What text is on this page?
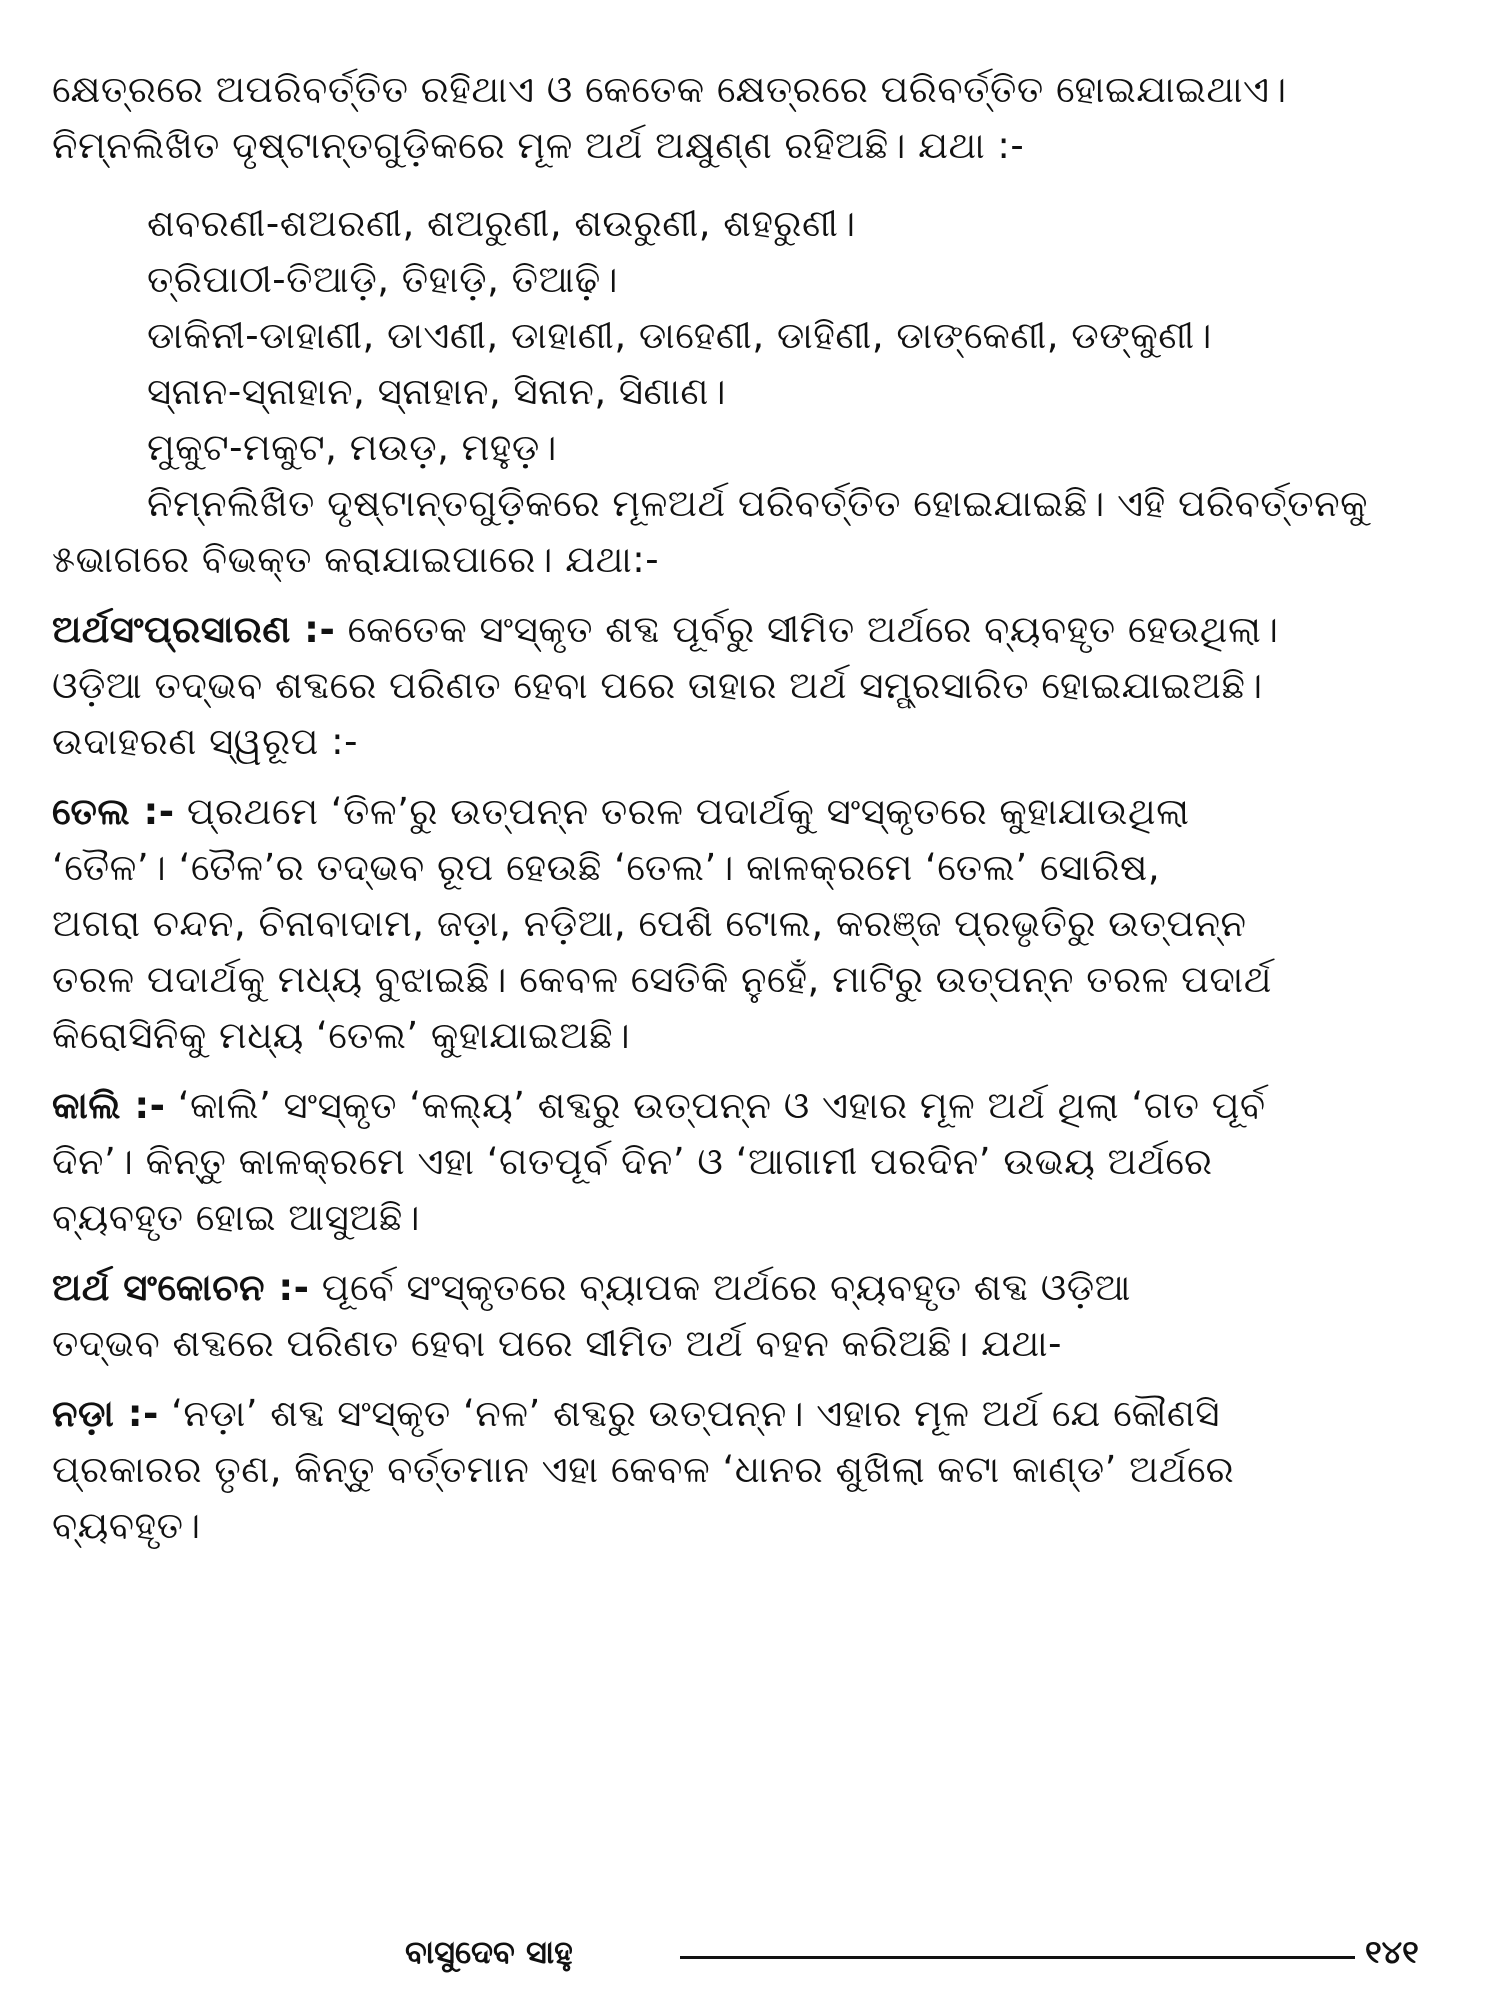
କ୍ଷେତ୍ରରେ ଅପରିବର୍ତ୍ତିତ ରହିଥାଏ ଓ କେତେକ କ୍ଷେତ୍ରରେ ପରିବର୍ତ୍ତିତ ହୋଇଯାଇଥାଏ।
ନିମ୍ନଲିଖିତ ଦୃଷ୍ଟାନ୍ତଗୁଡ଼ିକରେ ମୂଳ ଅର୍ଥ ଅକ୍ଷୁଣ୍ଣ ରହିଅଛି। ଯଥା :-
ଶବରଣୀ-ଶଅରଣୀ, ଶଅରୁଣୀ, ଶଉରୁଣୀ, ଶହରୁଣୀ।
ତ୍ରିପାଠୀ-ତିଆଡ଼ି, ତିହାଡ଼ି, ତିଆଢ଼ି।
ଡାକିନୀ-ଡାହାଣୀ, ଡାଏଣୀ, ଡାହାଣୀ, ଡାହେଣୀ, ଡାହିଣୀ, ଡାଙ୍କେଣୀ, ଡଙ୍କୁଣୀ।
ସ୍ନାନ-ସ୍ନାହାନ, ସ୍ନାହାନ, ସିନାନ, ସିଣାଣ।
ମୁକୁଟ-ମକୁଟ, ମଉଡ଼, ମହୁଡ଼।
ନିମ୍ନଲିଖିତ ଦୃଷ୍ଟାନ୍ତଗୁଡ଼ିକରେ ମୂଳଅର୍ଥ ପରିବର୍ତ୍ତିତ ହୋଇଯାଇଛି। ଏହି ପରିବର୍ତ୍ତନକୁ
୫ଭାଗରେ ବିଭକ୍ତ କରାଯାଇପାରେ। ଯଥା:-
ଅର୍ଥସଂପ୍ରସାରଣ :- କେତେକ ସଂସ୍କୃତ ଶବ୍ଦ ପୂର୍ବରୁ ସୀମିତ ଅର୍ଥରେ ବ୍ୟବହୃତ ହେଉଥିଲା।
ଓଡ଼ିଆ ତଦ୍ଭବ ଶବ୍ଦରେ ପରିଣତ ହେବା ପରେ ତାହାର ଅର୍ଥ ସମ୍ପ୍ରସାରିତ ହୋଇଯାଇଅଛି।
ଉଦାହରଣ ସ୍ୱରୂପ :-
ତେଲ :- ପ୍ରଥମେ ‘ତିଳ’ରୁ ଉତ୍ପନ୍ନ ତରଳ ପଦାର୍ଥକୁ ସଂସ୍କୃତରେ କୁହାଯାଉଥିଲା
‘ତୈଳ’। ‘ତୈଳ’ର ତଦ୍‌ଭବ ରୂପ ହେଉଛି ‘ତେଲ’। କାଳକ୍ରମେ ‘ତେଲ’ ସୋରିଷ,
ଅଗରା ଚନ୍ଦନ, ଚିନାବାଦାମ, ଜଡ଼ା, ନଡ଼ିଆ, ପେଶି ଟୋଲ, କରଞ୍ଜ ପ୍ରଭୃତିରୁ ଉତ୍ପନ୍ନ
ତରଳ ପଦାର୍ଥକୁ ମଧ୍ୟ ବୁଝାଇଛି। କେବଳ ସେତିକି ନୁହେଁ, ମାଟିରୁ ଉତ୍ପନ୍ନ ତରଳ ପଦାର୍ଥ
କିରୋସିନିକୁ ମଧ୍ୟ ‘ତେଲ’ କୁହାଯାଇଅଛି।
କାଲି :- ‘କାଲି’ ସଂସ୍କୃତ ‘କଲ୍ୟ’ ଶବ୍ଦରୁ ଉତ୍ପନ୍ନ ଓ ଏହାର ମୂଳ ଅର୍ଥ ଥିଲା ‘ଗତ ପୂର୍ବ
ଦିନ’। କିନ୍ତୁ କାଳକ୍ରମେ ଏହା ‘ଗତପୂର୍ବ ଦିନ’ ଓ ‘ଆଗାମୀ ପରଦିନ’ ଉଭୟ ଅର୍ଥରେ
ବ୍ୟବହୃତ ହୋଇ ଆସୁଅଛି।
ଅର୍ଥ ସଂକୋଚନ :- ପୂର୍ବେ ସଂସ୍କୃତରେ ବ୍ୟାପକ ଅର୍ଥରେ ବ୍ୟବହୃତ ଶବ୍ଦ ଓଡ଼ିଆ
ତଦ୍ଭବ ଶବ୍ଦରେ ପରିଣତ ହେବା ପରେ ସୀମିତ ଅର୍ଥ ବହନ କରିଅଛି। ଯଥା-
ନଡ଼ା :- ‘ନଡ଼ା’ ଶବ୍ଦ ସଂସ୍କୃତ ‘ନଳ’ ଶବ୍ଦରୁ ଉତ୍ପନ୍ନ। ଏହାର ମୂଳ ଅର୍ଥ ଯେ କୌଣସି
ପ୍ରକାରର ତୃଣ, କିନ୍ତୁ ବର୍ତ୍ତମାନ ଏହା କେବଳ ‘ଧାନର ଶୁଖିଲା କଟା କାଣ୍ଡ’ ଅର୍ଥରେ
ବ୍ୟବହୃତ।
ବାସୁଦେବ ସାହୁ	୧୪୧
